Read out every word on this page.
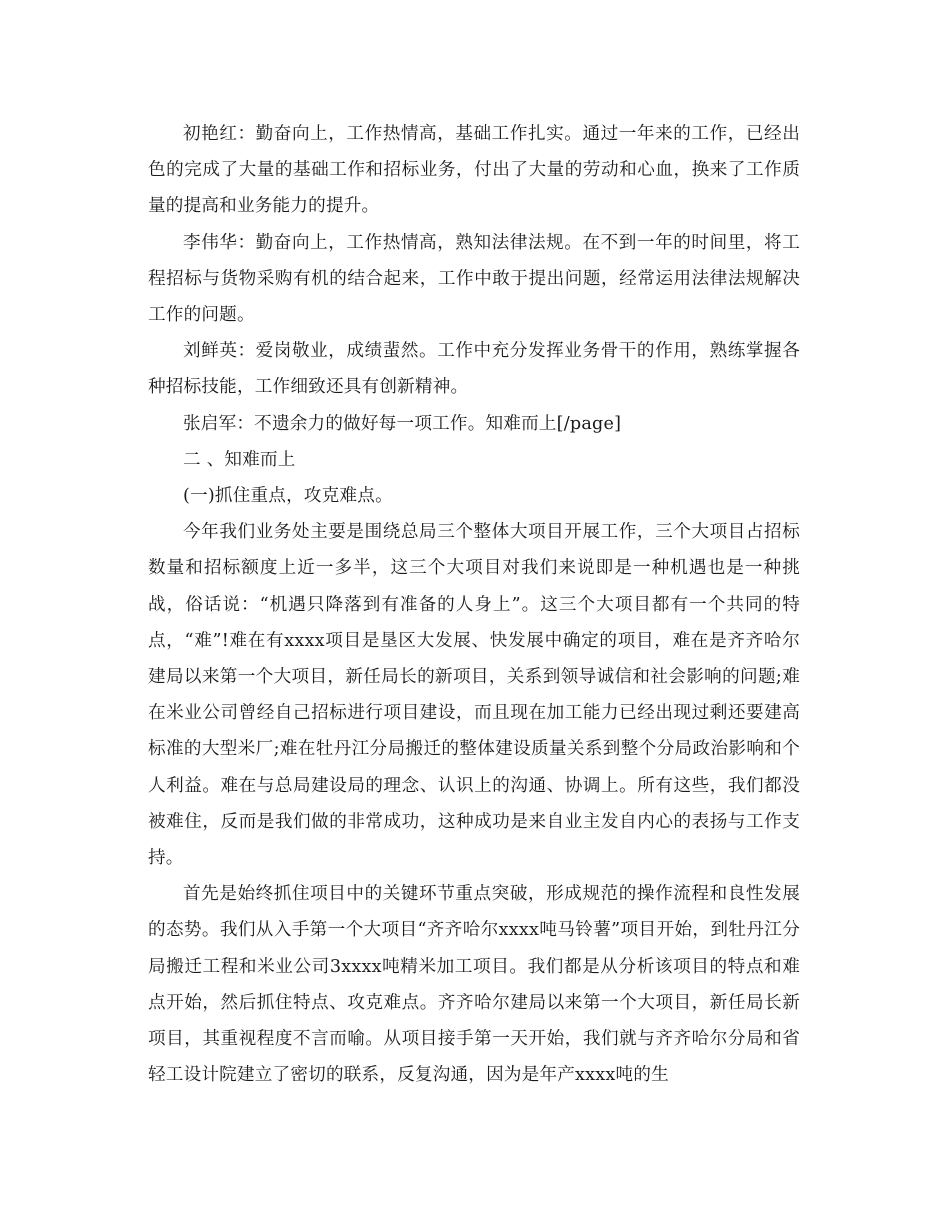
初艳红：勤奋向上，工作热情高，基础工作扎实。通过一年来的工作，已经出色的完成了大量的基础工作和招标业务，付出了大量的劳动和心血，换来了工作质量的提高和业务能力的提升。

李伟华：勤奋向上，工作热情高，熟知法律法规。在不到一年的时间里，将工程招标与货物采购有机的结合起来，工作中敢于提出问题，经常运用法律法规解决工作的问题。

刘鲜英：爱岗敬业，成绩蜚然。工作中充分发挥业务骨干的作用，熟练掌握各种招标技能，工作细致还具有创新精神。

张启军：不遗余力的做好每一项工作。知难而上[/page]

二 、知难而上

(一)抓住重点，攻克难点。

今年我们业务处主要是围绕总局三个整体大项目开展工作，三个大项目占招标数量和招标额度上近一多半，这三个大项目对我们来说即是一种机遇也是一种挑战，俗话说：“机遇只降落到有准备的人身上”。这三个大项目都有一个共同的特点，“难”!难在有xxxx项目是垦区大发展、快发展中确定的项目，难在是齐齐哈尔建局以来第一个大项目，新任局长的新项目，关系到领导诚信和社会影响的问题;难在米业公司曾经自己招标进行项目建设，而且现在加工能力已经出现过剩还要建高标准的大型米厂;难在牡丹江分局搬迁的整体建设质量关系到整个分局政治影响和个人利益。难在与总局建设局的理念、认识上的沟通、协调上。所有这些，我们都没被难住，反而是我们做的非常成功，这种成功是来自业主发自内心的表扬与工作支持。

首先是始终抓住项目中的关键环节重点突破，形成规范的操作流程和良性发展的态势。我们从入手第一个大项目“齐齐哈尔xxxx吨马铃薯”项目开始，到牡丹江分局搬迁工程和米业公司3xxxx吨精米加工项目。我们都是从分析该项目的特点和难点开始，然后抓住特点、攻克难点。齐齐哈尔建局以来第一个大项目，新任局长新项目，其重视程度不言而喻。从项目接手第一天开始，我们就与齐齐哈尔分局和省轻工设计院建立了密切的联系，反复沟通，因为是年产xxxx吨的生
